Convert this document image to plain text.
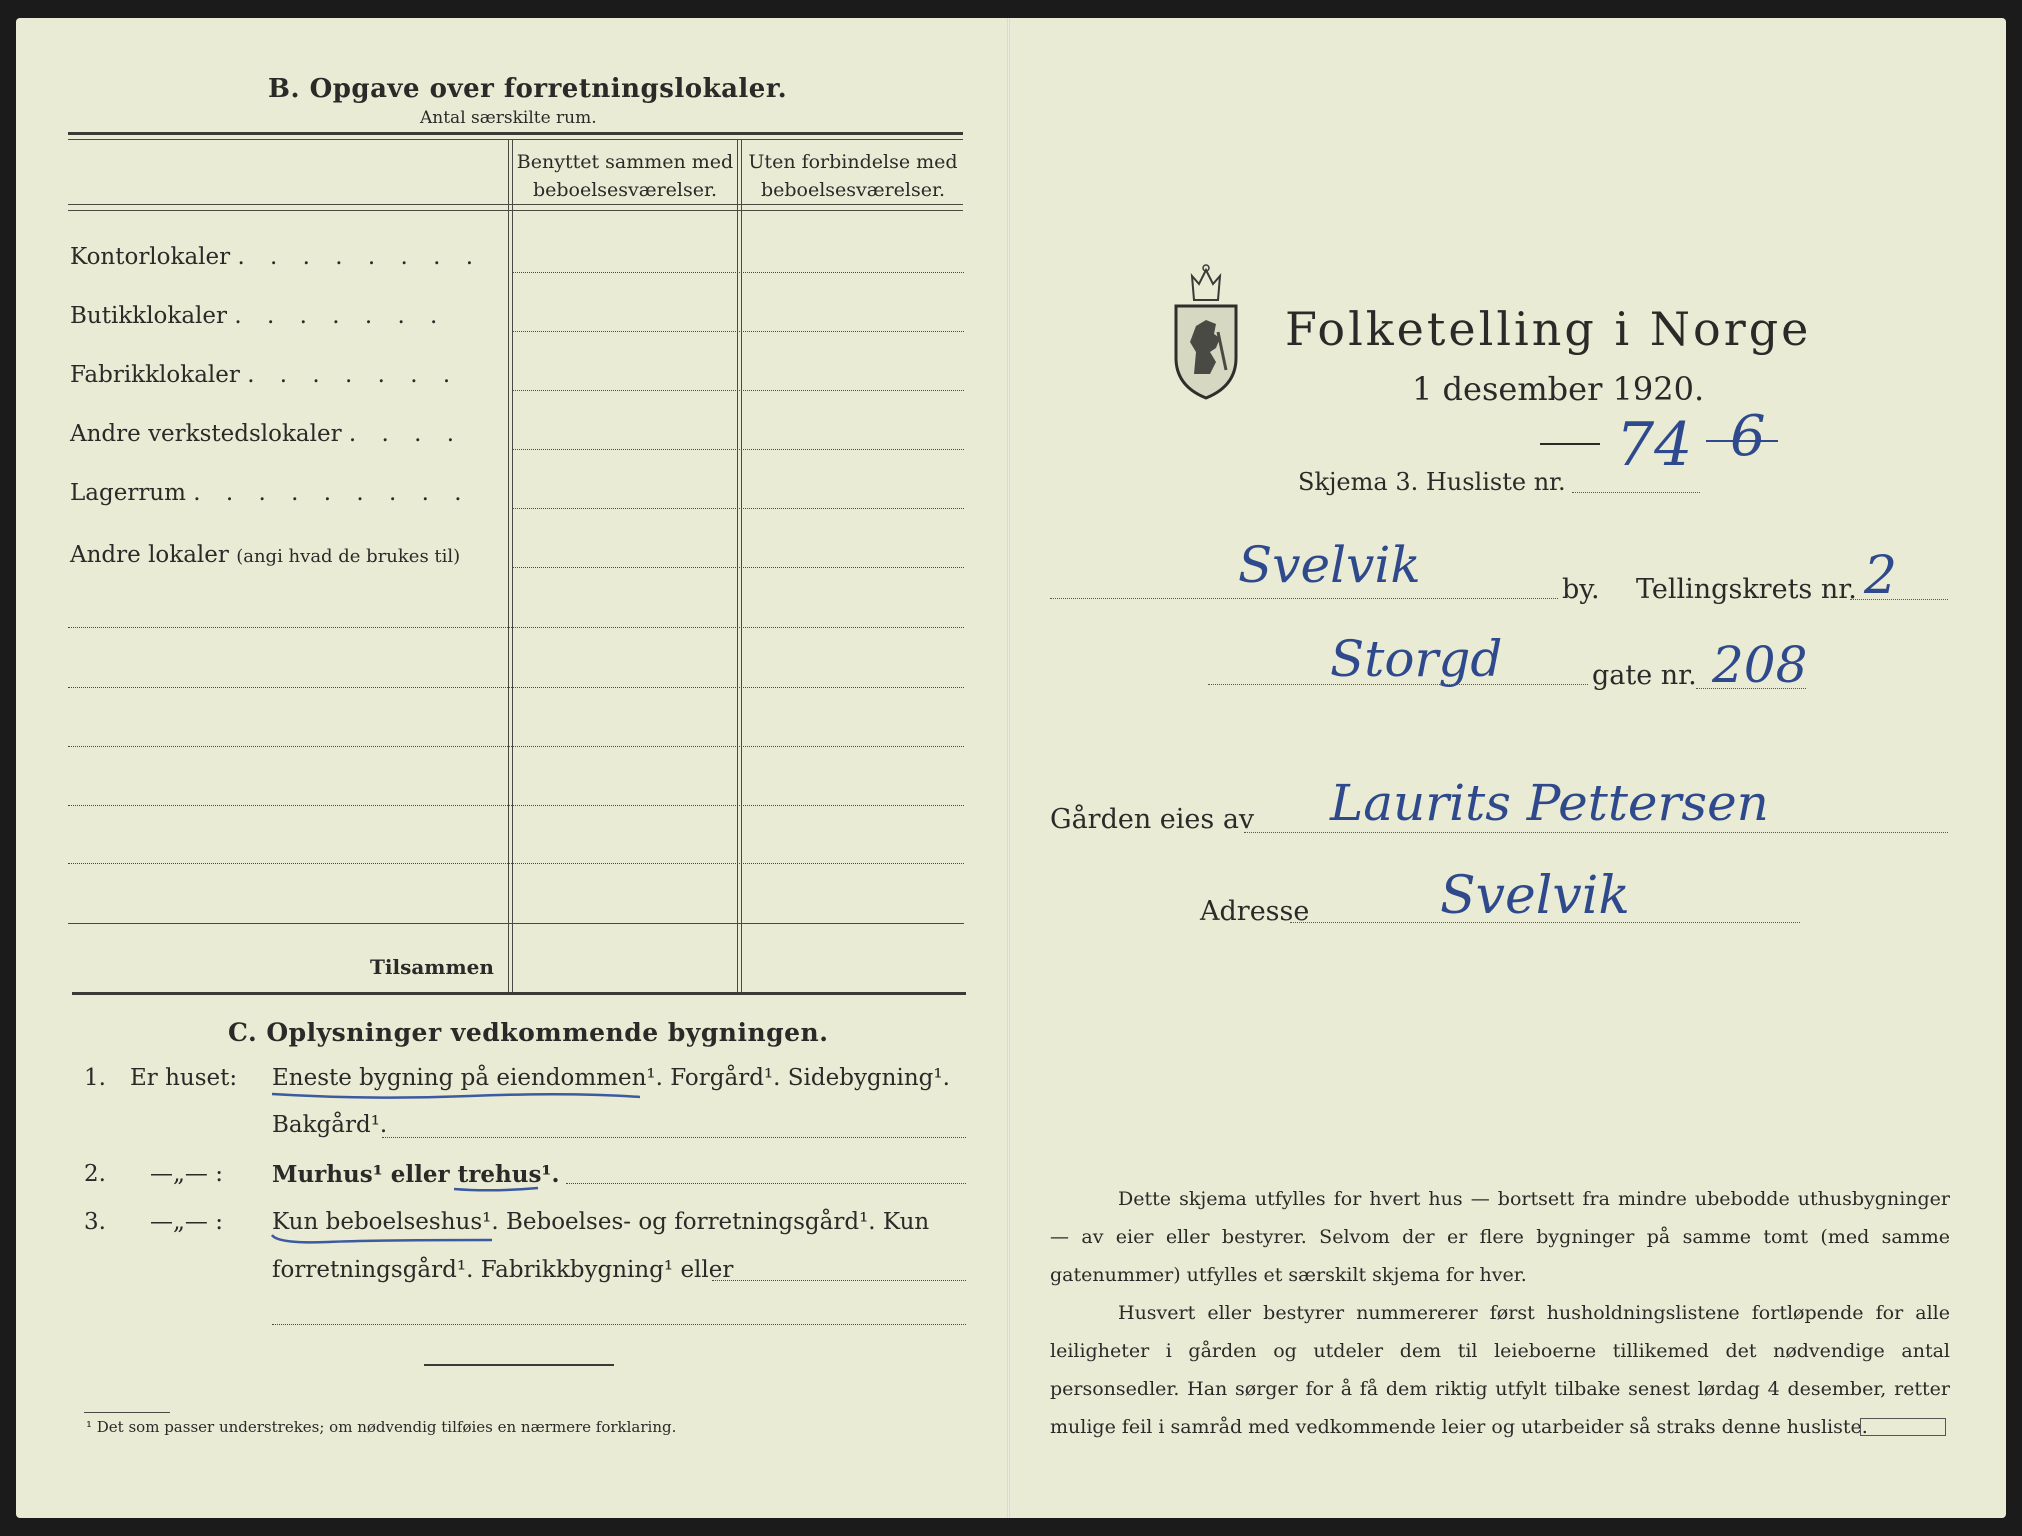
B. Opgave over forretningslokaler.
Antal særskilte rum.
Benyttet sammen med beboelsesværelser.
Uten forbindelse med beboelsesværelser.
Kontorlokaler . . . . . . . .
Butikklokaler . . . . . . .
Fabrikklokaler . . . . . . .
Andre verkstedslokaler . . . .
Lagerrum . . . . . . . . .
Andre lokaler (angi hvad de brukes til)
Tilsammen
C. Oplysninger vedkommende bygningen.
1. Er huset: Eneste bygning på eiendommen¹. Forgård¹. Sidebygning¹.
Bakgård¹.
2. —„— : Murhus¹ eller trehus¹.
3. —„— : Kun beboelseshus¹. Beboelses- og forretningsgård¹. Kun
forretningsgård¹. Fabrikkbygning¹ eller
¹ Det som passer understrekes; om nødvendig tilføies en nærmere forklaring.
Folketelling i Norge
1 desember 1920.
74 6
Skjema 3. Husliste nr.
Svelvik	by. Tellingskrets nr. 2
Storgd	gate nr. 208
Gården eies av Laurits Pettersen
Adresse	Svelvik

Dette skjema utfylles for hvert hus — bortsett fra mindre ubebodde uthusbygninger — av eier eller bestyrer. Selvom der er flere bygninger på samme tomt (med samme gatenummer) utfylles et særskilt skjema for hver.

Husvert eller bestyrer nummererer først husholdningslistene fortløpende for alle leiligheter i gården og utdeler dem til leieboerne tillikemed det nødvendige antal personsedler. Han sørger for å få dem riktig utfylt tilbake senest lørdag 4 desember, retter mulige feil i samråd med vedkommende leier og utarbeider så straks denne husliste.
